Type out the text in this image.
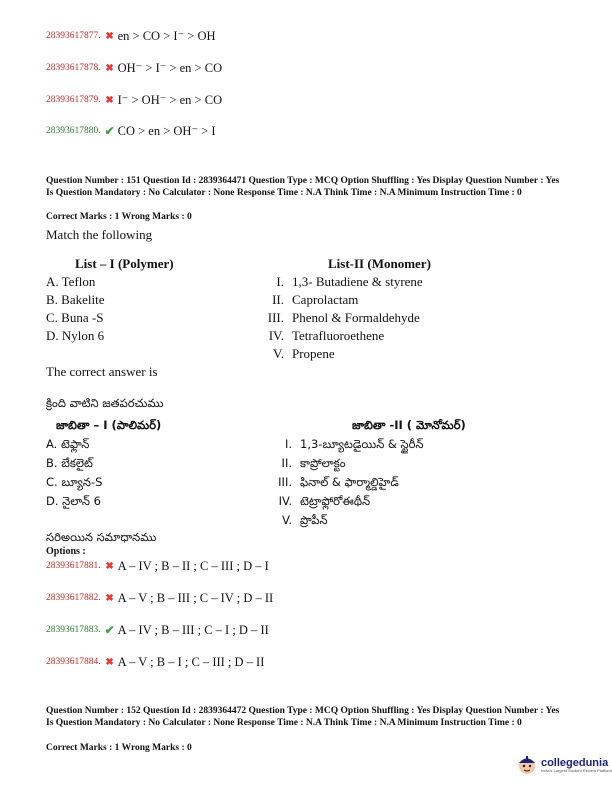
28393617877. ✖ en > CO > I⁻ > OH
28393617878. ✖ OH⁻ > I⁻ > en > CO
28393617879. ✖ I⁻ > OH⁻ > en > CO
28393617880. ✔ CO > en > OH⁻ > I
Question Number : 151 Question Id : 2839364471 Question Type : MCQ Option Shuffling : Yes Display Question Number : Yes Is Question Mandatory : No Calculator : None Response Time : N.A Think Time : N.A Minimum Instruction Time : 0
Correct Marks : 1 Wrong Marks : 0
Match the following
List – I (Polymer)	List-II (Monomer)
A. Teflon
B. Bakelite
C. Buna -S
D. Nylon 6
I. 1,3- Butadiene & styrene
II. Caprolactam
III. Phenol & Formaldehyde
IV. Tetrafluoroethene
V. Propene
The correct answer is
క్రింది వాటిని జతపరచుము
జాబితా – I (పాలిమర్)	జాబితా -II ( మోనోమర్)
A. టెఫ్లాన్
B. బేకలైట్
C. బ్యూన-S
D. నైలాన్ 6
I. 1,3-బ్యూటడైయిన్ & స్టైరీన్
II. కాప్రోలాక్టం
III. ఫినాల్ & ఫార్మాల్డిహైడ్
IV. టెట్రాఫ్లోరోఈథీన్
V. ప్రొపీన్
సరిఅయిన సమాధానము
Options :
28393617881. ✖ A – IV ; B – II ; C – III ; D – I
28393617882. ✖ A – V ; B – III ; C – IV ; D – II
28393617883. ✔ A – IV ; B – III ; C – I ; D – II
28393617884. ✖ A – V ; B – I ; C – III ; D – II
Question Number : 152 Question Id : 2839364472 Question Type : MCQ Option Shuffling : Yes Display Question Number : Yes Is Question Mandatory : No Calculator : None Response Time : N.A Think Time : N.A Minimum Instruction Time : 0
Correct Marks : 1 Wrong Marks : 0
collegedunia
India's Largest Student Review Platform
